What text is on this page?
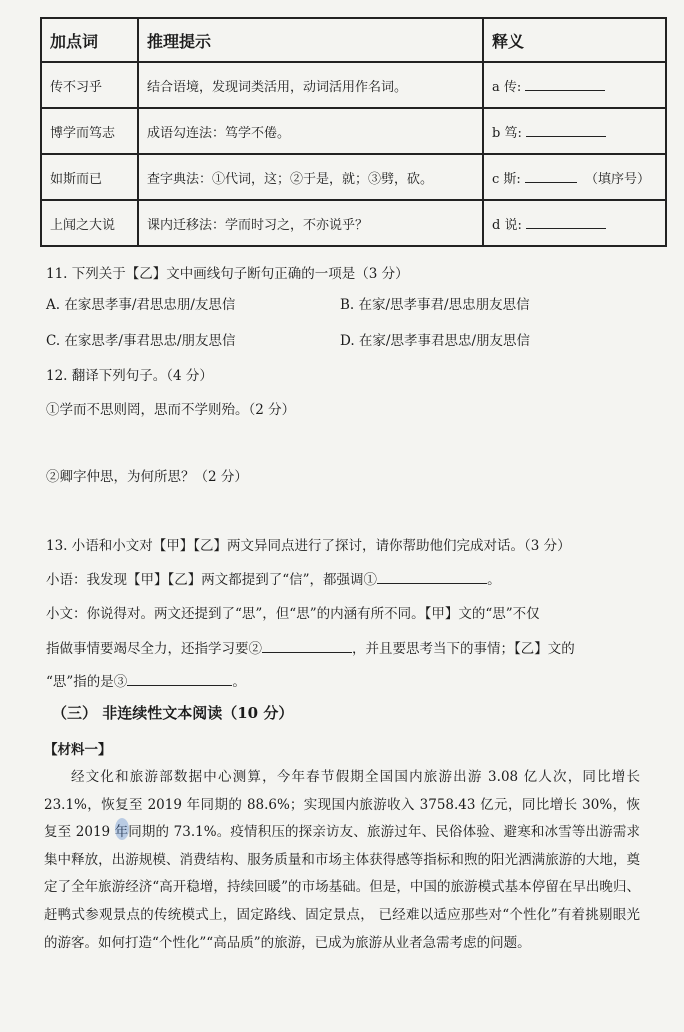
加点词	推理提示	释义
传不习乎	结合语境，发现词类活用，动词活用作名词。	a 传:
博学而笃志	成语勾连法：笃学不倦。	b 笃:
如斯而已	查字典法：①代词，这；②于是，就；③劈，砍。	c 斯: （填序号）
上闻之大说	课内迁移法：学而时习之，不亦说乎？	d 说:
11. 下列关于【乙】文中画线句子断句正确的一项是（3 分）
A. 在家思孝事/君思忠朋/友思信	B. 在家/思孝事君/思忠朋友思信
C. 在家思孝/事君思忠/朋友思信	D. 在家/思孝事君思忠/朋友思信
12. 翻译下列句子。（4 分）
①学而不思则罔，思而不学则殆。（2 分）
②卿字仲思，为何所思？（2 分）
13. 小语和小文对【甲】【乙】两文异同点进行了探讨，请你帮助他们完成对话。（3 分）
小语：我发现【甲】【乙】两文都提到了“信”，都强调①	。
小文：你说得对。两文还提到了“思”，但“思”的内涵有所不同。【甲】文的“思”不仅
指做事情要竭尽全力，还指学习要②	，并且要思考当下的事情；【乙】文的
“思”指的是③	。
（三） 非连续性文本阅读（10 分）
【材料一】
经文化和旅游部数据中心测算，今年春节假期全国国内旅游出游 3.08 亿人次，同比增长 23.1%，恢复至 2019 年同期的 88.6%；实现国内旅游收入 3758.43 亿元，同比增长 30%，恢复至 2019 年同期的 73.1%。疫情积压的探亲访友、旅游过年、民俗体验、避寒和冰雪等出游需求集中释放，出游规模、消费结构、服务质量和市场主体获得感等指标和煦的阳光洒满旅游的大地，奠定了全年旅游经济“高开稳增，持续回暖”的市场基础。但是，中国的旅游模式基本停留在早出晚归、赶鸭式参观景点的传统模式上，固定路线、固定景点， 已经难以适应那些对“个性化”有着挑剔眼光的游客。如何打造“个性化”“高品质”的旅游，已成为旅游从业者急需考虑的问题。
